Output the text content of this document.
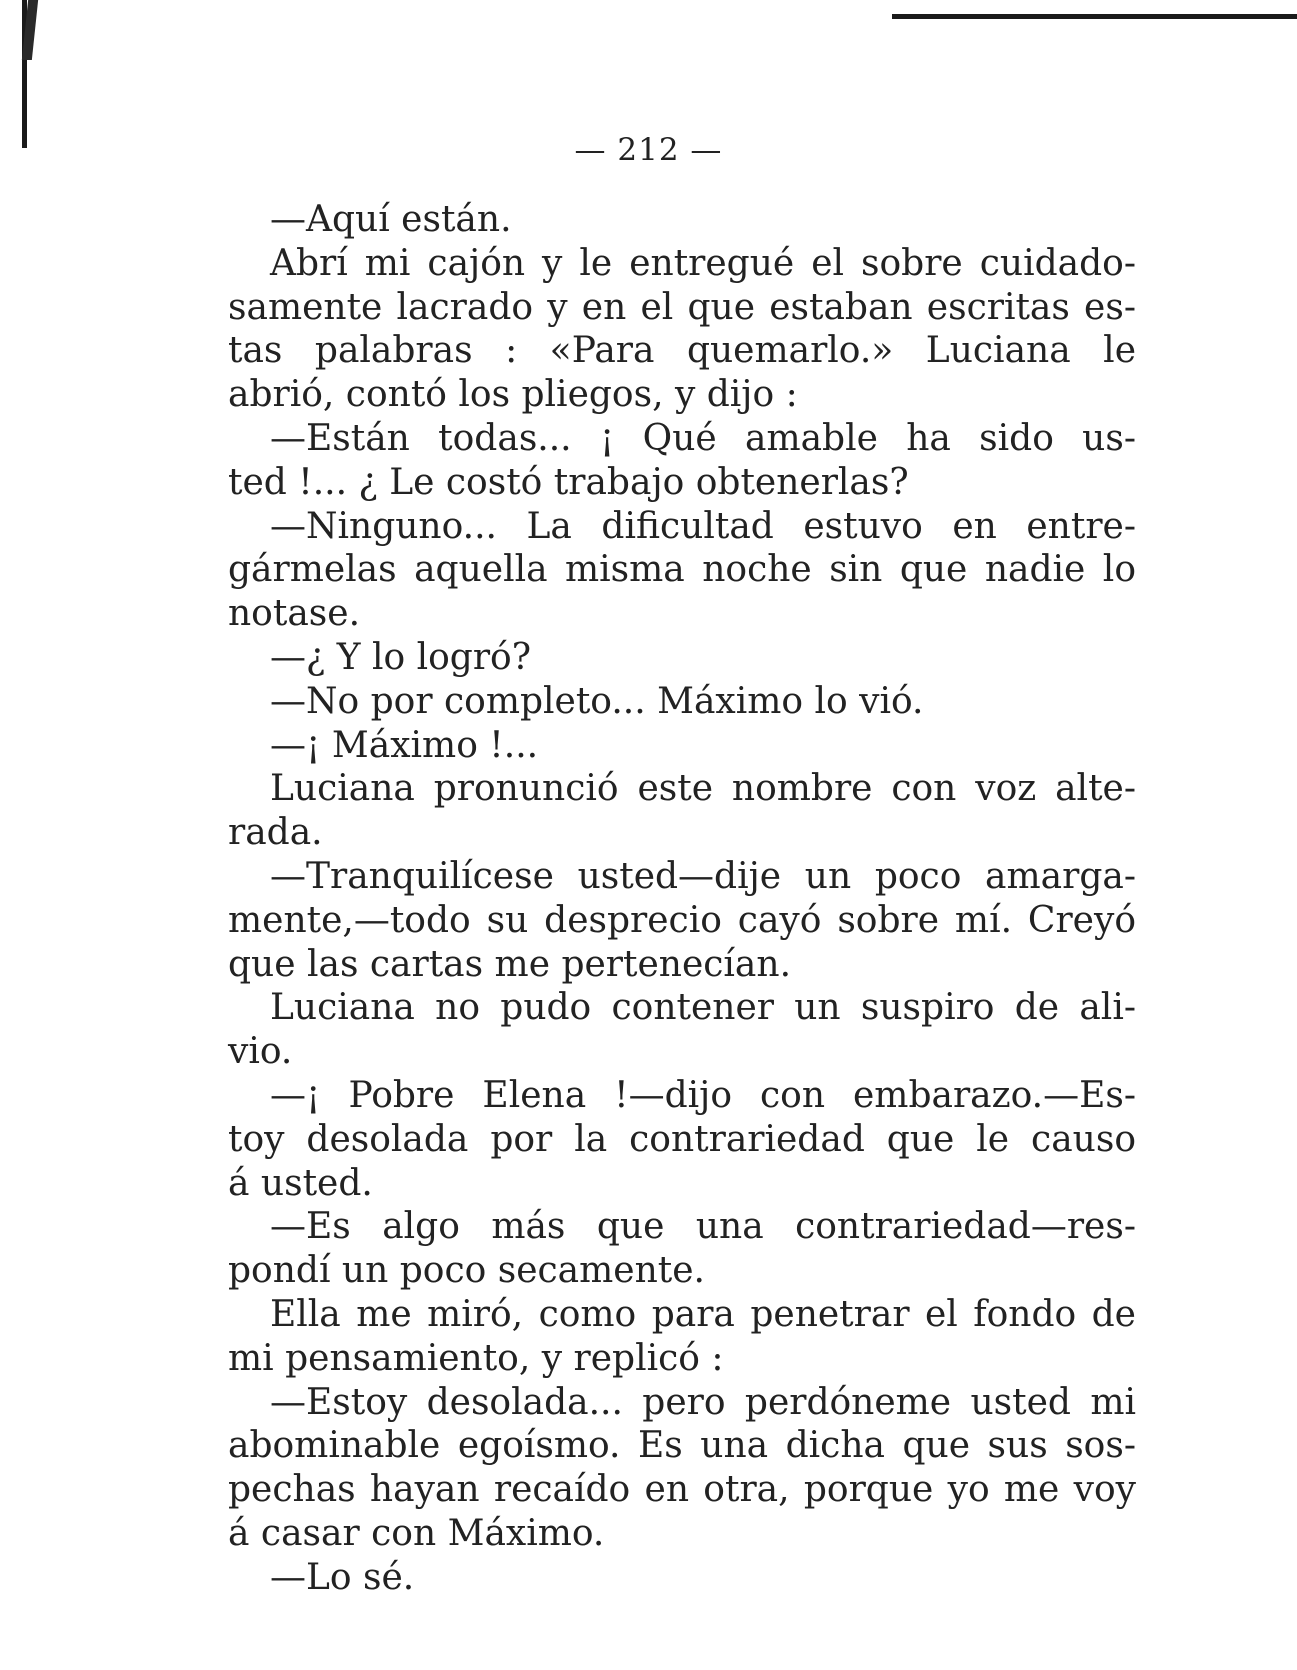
— 212 —
—Aquí están.
Abrí mi cajón y le entregué el sobre cuidado-
samente lacrado y en el que estaban escritas es-
tas palabras : «Para quemarlo.» Luciana le
abrió, contó los pliegos, y dijo :
—Están todas... ¡ Qué amable ha sido us-
ted !... ¿ Le costó trabajo obtenerlas?
—Ninguno... La dificultad estuvo en entre-
gármelas aquella misma noche sin que nadie lo
notase.
—¿ Y lo logró?
—No por completo... Máximo lo vió.
—¡ Máximo !...
Luciana pronunció este nombre con voz alte-
rada.
—Tranquilícese usted—dije un poco amarga-
mente,—todo su desprecio cayó sobre mí. Creyó
que las cartas me pertenecían.
Luciana no pudo contener un suspiro de ali-
vio.
—¡ Pobre Elena !—dijo con embarazo.—Es-
toy desolada por la contrariedad que le causo
á usted.
—Es algo más que una contrariedad—res-
pondí un poco secamente.
Ella me miró, como para penetrar el fondo de
mi pensamiento, y replicó :
—Estoy desolada... pero perdóneme usted mi
abominable egoísmo. Es una dicha que sus sos-
pechas hayan recaído en otra, porque yo me voy
á casar con Máximo.
—Lo sé.
